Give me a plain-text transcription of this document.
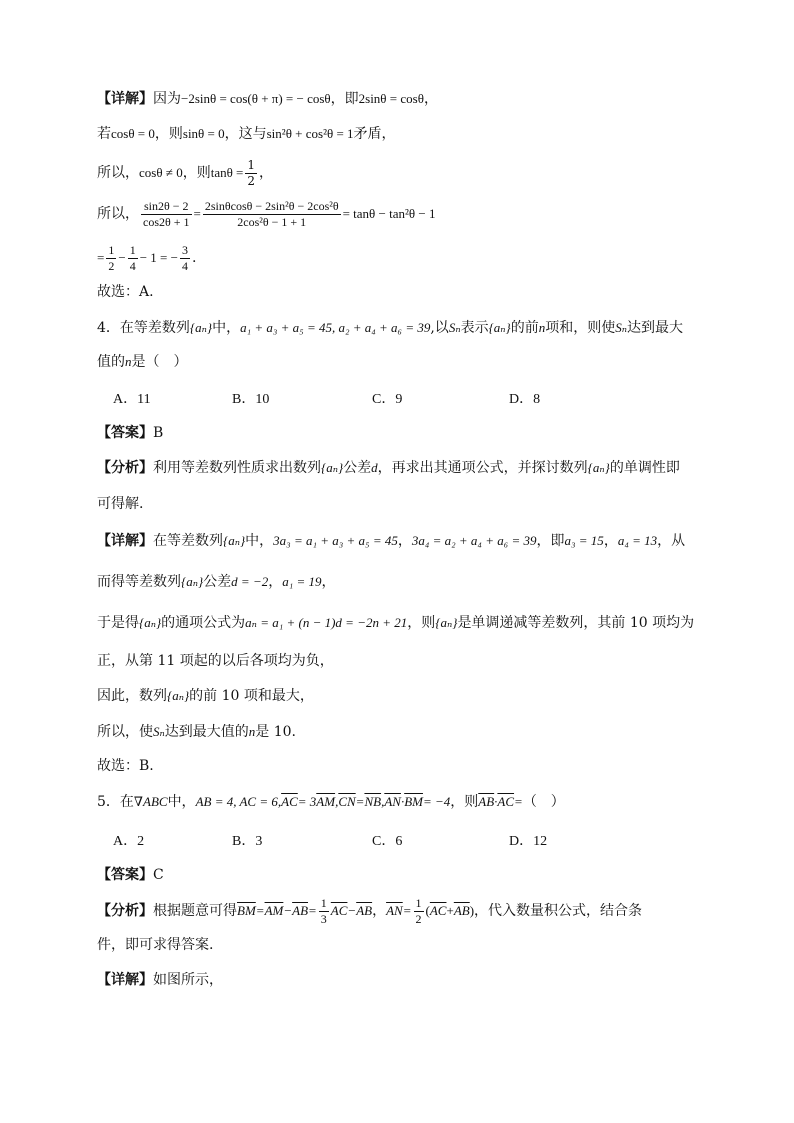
【详解】因为−2sinθ = cos(θ + π) = − cosθ，即2sinθ = cosθ，
若cosθ = 0，则sinθ = 0，这与sin²θ + cos²θ = 1矛盾，
所以，cosθ ≠ 0，则$\tan\theta = \frac{1}{2}$ ，
所以， $\frac{\sin 2\theta - 2}{\cos 2\theta + 1} = \frac{\text{2sinθcosθ − 2sin²θ − 2cos²θ}}{\text{2cos²θ − 1 + 1}} = \tan\theta - \tan^2\theta - 1$
= $\frac{1}{2} - \frac{1}{4} - 1$ = − $\frac{3}{4}$ .
故选：A.
4．在等差数列{aₙ}中，a₁ + a₃ + a₅ = 45, a₂ + a₄ + a₆ = 39,以Sₙ表示{aₙ}的前n项和，则使Sₙ达到最大
值的n是（　）
A．11	B．10	C．9	D．8
【答案】B
【分析】利用等差数列性质求出数列{aₙ}公差d，再求出其通项公式，并探讨数列{aₙ}的单调性即
可得解.
【详解】在等差数列{aₙ}中，3a₃ = a₁ + a₃ + a₅ = 45，3a₄ = a₂ + a₄ + a₆ = 39，即a₃ = 15，a₄ = 13，从
而得等差数列{aₙ}公差d = −2，a₁ = 19，
于是得{aₙ}的通项公式为aₙ = a₁ + (n − 1)d = −2n + 21，则{aₙ}是单调递减等差数列，其前 10 项均为
正，从第 11 项起的以后各项均为负，
因此，数列{aₙ}的前 10 项和最大，
所以，使Sₙ达到最大值的n是 10.
故选：B.
5．在∇ABC中，AB = 4, AC = $6,\overline{AC}= 3\overline{AM},\overline{CN}=\overline{NB},\overline{AN}\cdot\overline{BM}= -4$，则$\overline{AB}\cdot\overline{AC}=$（　）
A．2	B．3	C．6	D．12
【答案】C
【分析】根据题意可得$\overline{BM}=\overline{AM}-\overline{AB}= \frac{1}{3} \overline{AC}-\overline{AB}$，$\overline{AN}= \frac{1}{2} (\overline{AC}+\overline{AB})$，代入数量积公式，结合条
件，即可求得答案.
【详解】如图所示，
